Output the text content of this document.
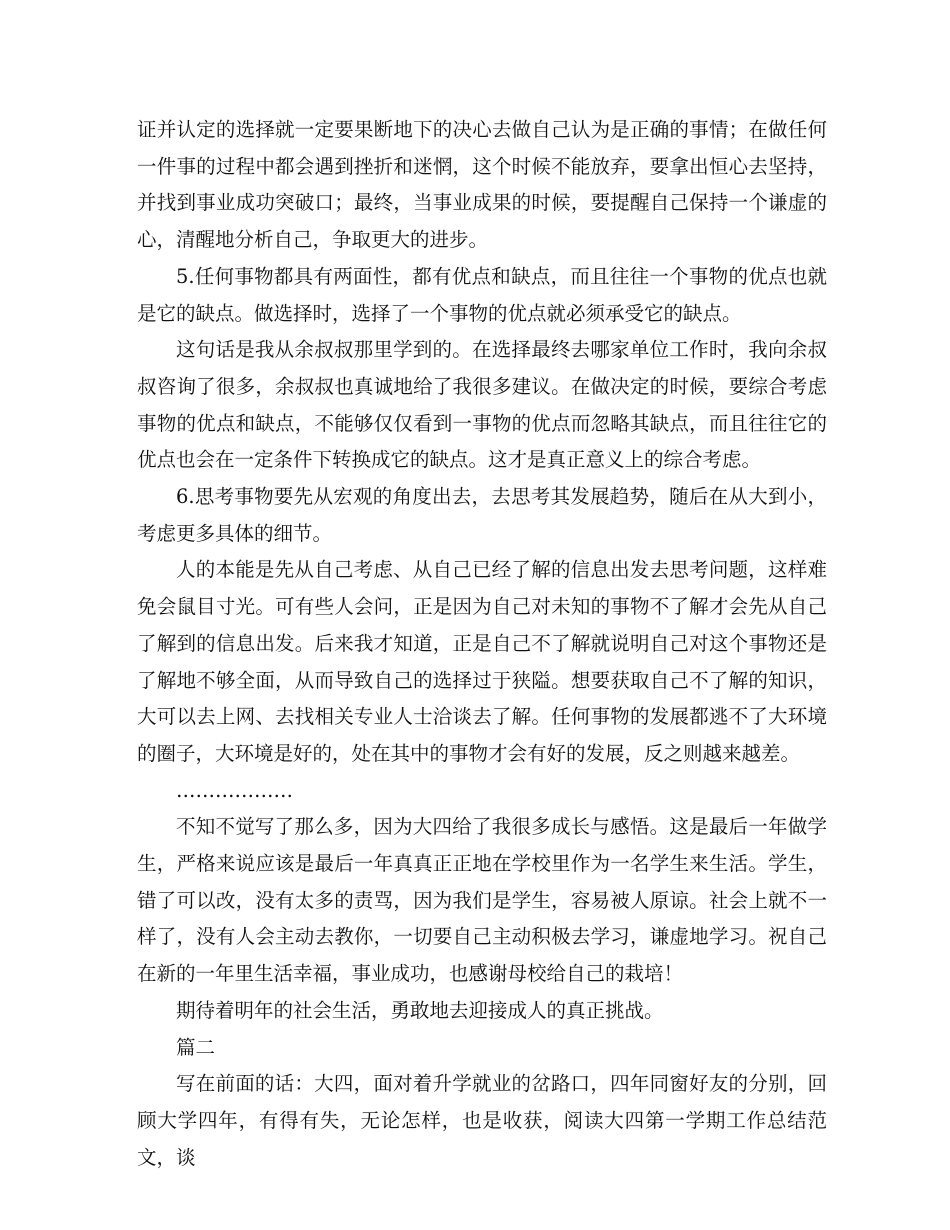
证并认定的选择就一定要果断地下的决心去做自己认为是正确的事情；在做任何一件事的过程中都会遇到挫折和迷惘，这个时候不能放弃，要拿出恒心去坚持，并找到事业成功突破口；最终，当事业成果的时候，要提醒自己保持一个谦虚的心，清醒地分析自己，争取更大的进步。

5.任何事物都具有两面性，都有优点和缺点，而且往往一个事物的优点也就是它的缺点。做选择时，选择了一个事物的优点就必须承受它的缺点。

这句话是我从余叔叔那里学到的。在选择最终去哪家单位工作时，我向余叔叔咨询了很多，余叔叔也真诚地给了我很多建议。在做决定的时候，要综合考虑事物的优点和缺点，不能够仅仅看到一事物的优点而忽略其缺点，而且往往它的优点也会在一定条件下转换成它的缺点。这才是真正意义上的综合考虑。

6.思考事物要先从宏观的角度出去，去思考其发展趋势，随后在从大到小，考虑更多具体的细节。

人的本能是先从自己考虑、从自己已经了解的信息出发去思考问题，这样难免会鼠目寸光。可有些人会问，正是因为自己对未知的事物不了解才会先从自己了解到的信息出发。后来我才知道，正是自己不了解就说明自己对这个事物还是了解地不够全面，从而导致自己的选择过于狭隘。想要获取自己不了解的知识，大可以去上网、去找相关专业人士洽谈去了解。任何事物的发展都逃不了大环境的圈子，大环境是好的，处在其中的事物才会有好的发展，反之则越来越差。

………………

不知不觉写了那么多，因为大四给了我很多成长与感悟。这是最后一年做学生，严格来说应该是最后一年真真正正地在学校里作为一名学生来生活。学生，错了可以改，没有太多的责骂，因为我们是学生，容易被人原谅。社会上就不一样了，没有人会主动去教你，一切要自己主动积极去学习，谦虚地学习。祝自己在新的一年里生活幸福，事业成功，也感谢母校给自己的栽培！

期待着明年的社会生活，勇敢地去迎接成人的真正挑战。

篇二

写在前面的话：大四，面对着升学就业的岔路口，四年同窗好友的分别，回顾大学四年，有得有失，无论怎样，也是收获，阅读大四第一学期工作总结范文，谈
